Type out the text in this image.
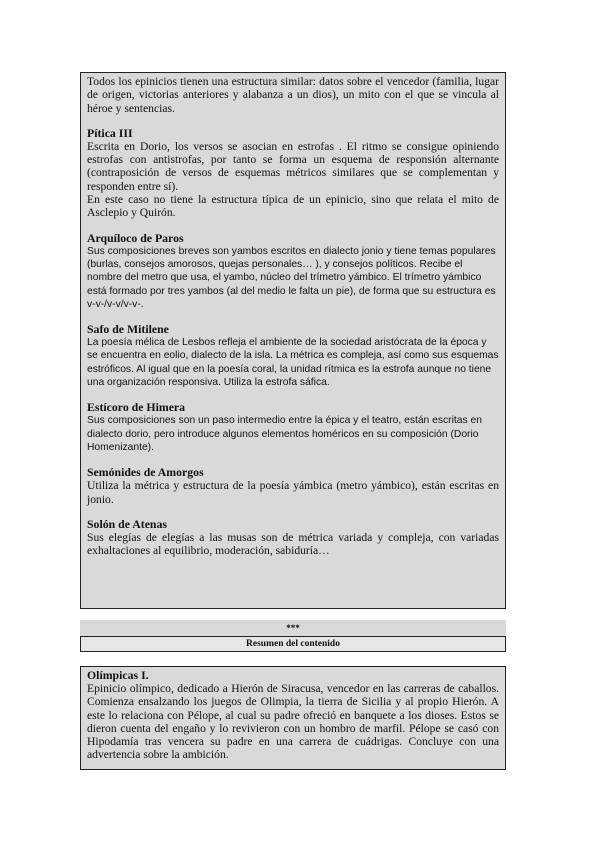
Todos los epinicios tienen una estructura similar: datos sobre el vencedor (familia, lugar de origen, victorias anteriores y alabanza a un dios), un mito con el que se vincula al héroe y sentencias.

Pítica III

Escrita en Dorio, los versos se asocian en estrofas . El ritmo se consigue opiniendo estrofas con antistrofas, por tanto se forma un esquema de responsión alternante (contraposición de versos de esquemas métricos similares que se complementan y responden entre sí).

En este caso no tiene la estructura típica de un epinicio, sino que relata el mito de Asclepio y Quirón.

Arquíloco de Paros

Sus composiciones breves son yambos escritos en dialecto jonio y tiene temas populares (burlas, consejos amorosos, quejas personales… ), y consejos políticos. Recibe el nombre del metro que usa, el yambo, núcleo del trímetro yámbico. El trímetro yámbico está formado por tres yambos (al del medio le falta un pie), de forma que su estructura es v-v-/v-v/v-v-.

Safo de Mitilene

La poesía mélica de Lesbos refleja el ambiente de la sociedad aristócrata de la época y se encuentra en eolio, dialecto de la isla. La métrica es compleja, así como sus esquemas estróficos. Al igual que en la poesía coral, la unidad rítmica es la estrofa aunque no tiene una organización responsiva. Utiliza la estrofa sáfica.

Estícoro de Himera

Sus composiciones son un paso intermedio entre la épica y el teatro, están escritas en dialecto dorio, pero introduce algunos elementos homéricos en su composición (Dorio Homenizante).

Semónides de Amorgos

Utiliza la métrica y estructura de la poesía yámbica (metro yámbico), están escritas en jonio.

Solón de Atenas

Sus elegías de elegías a las musas son de métrica variada y compleja, con variadas exhaltaciones al equilibrio, moderación, sabiduría…

***
Resumen del contenido

Olímpicas I.

Epinicio olímpico, dedicado a Hierón de Siracusa, vencedor en las carreras de caballos. Comienza ensalzando los juegos de Olimpia, la tierra de Sicilia y al propio Hierón. A este lo relaciona con Pélope, al cual su padre ofreció en banquete a los dioses. Estos se dieron cuenta del engaño y lo revivieron con un hombro de marfil. Pélope se casó con Hipodamía tras vencera su padre en una carrera de cuádrigas. Concluye con una advertencia sobre la ambición.
